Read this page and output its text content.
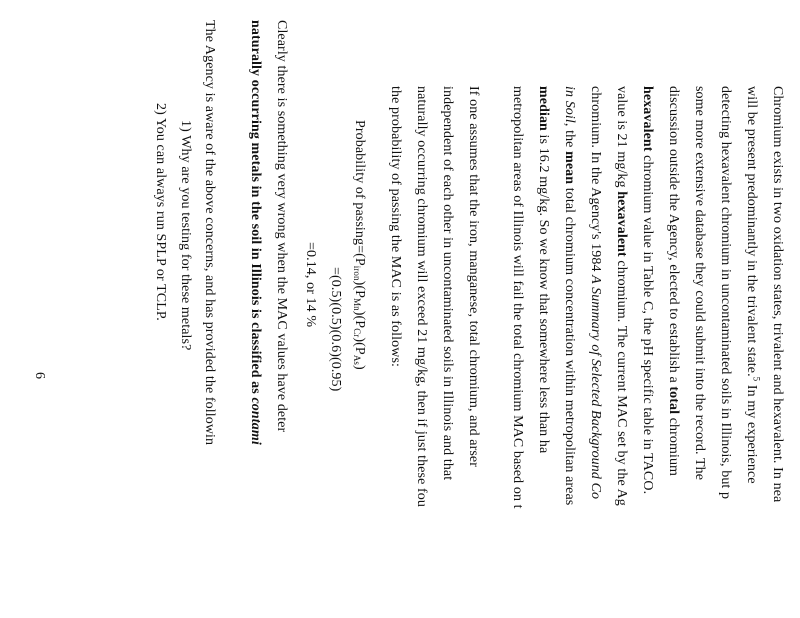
Chromium exists in two oxidation states, trivalent and hexavalent. In nea
will be present predominantly in the trivalent state.$^5$ In my experience
detecting hexavalent chromium in uncontaminated soils in Illinois, but p
some more extensive database they could submit into the record. The
discussion outside the Agency, elected to establish a total chromium
hexavalent chromium value in Table C, the pH specific table in TACO.
value is 21 mg/kg hexavalent chromium. The current MAC set by the Ag
chromium. In the Agency's 1984 A Summary of Selected Background Co
in Soil, the mean total chromium concentration within metropolitan areas
median is 16.2 mg/kg. So we know that somewhere less than ha
metropolitan areas of Illinois will fail the total chromium MAC based on t
If one assumes that the iron, manganese, total chromium, and arser
independent of each other in uncontaminated soils in Illinois and that
naturally occurring chromium will exceed 21 mg/kg, then if just these fou
the probability of passing the MAC is as follows:
Probability of $passing=(P_{iron})(P_{Mn})(P_{Cr})(P_{As})$
=(0.5)(0.5)(0.6)(0.95)
=0.14, or 14 %
Clearly there is something very wrong when the MAC values have deter
naturally occurring metals in the soil in Illinois is classified as contami
The Agency is aware of the above concerns, and has provided the followin
1) Why are you testing for these metals?
2) You can always run SPLP or TCLP.
6
